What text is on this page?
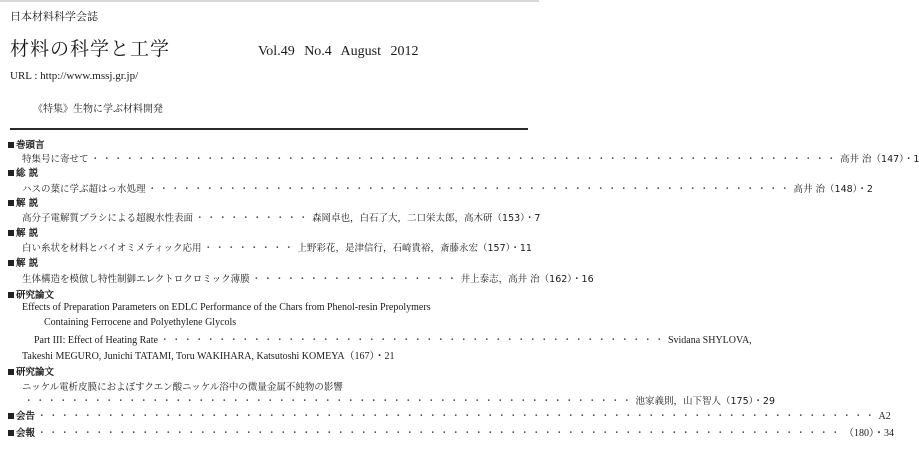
日本材料科学会誌
材料の科学と工学	Vol.49 No.4 August 2012
URL : http://www.mssj.gr.jp/
《特集》生物に学ぶ材料開発
巻頭言
特集号に寄せて ・・・・・・・・・・・・・・・・・・・・・・・・・・・・・・・・・・・・・・・・・・・・・・・・・・・・・・・・・・・・・・・・・ 高井 治（147）・1
総 説
ハスの葉に学ぶ超はっ水処理 ・・・・・・・・・・・・・・・・・・・・・・・・・・・・・・・・・・・・・・・・・・・・・・・・・・・・・・・・ 高井 治（148）・2
解 説
高分子電解質ブラシによる超親水性表面 ・・・・・・・・・・ 森岡卓也，白石了大，二口栄太郎，高木研（153）・7
解 説
白い糸状を材料とバイオミメティック応用 ・・・・・・・・ 上野彩花，是津信行，石崎貴裕，斎藤永宏（157）・11
解 説
生体構造を模倣し特性制御エレクトロクロミック薄膜 ・・・・・・・・・・・・・・・・・・ 井上泰志，高井 治（162）・16
研究論文
Effects of Preparation Parameters on EDLC Performance of the Chars from Phenol-resin Prepolymers
Containing Ferrocene and Polyethylene Glycols
Part III: Effect of Heating Rate ・・・・・・・・・・・・・・・・・・・・・・・・・・・・・・・・・・・・・・・・・・・・ Svidana SHYLOVA,
Takeshi MEGURO, Junichi TATAMI, Toru WAKIHARA, Katsutoshi KOMEYA（167）・21
研究論文
ニッケル電析皮膜におよぼすクエン酸ニッケル浴中の微量金属不純物の影響
・・・・・・・・・・・・・・・・・・・・・・・・・・・・・・・・・・・・・・・・・・・・・・・・・・・・・ 池家義則，山下智人（175）・29
会告 ・・・・・・・・・・・・・・・・・・・・・・・・・・・・・・・・・・・・・・・・・・・・・・・・・・・・・・・・・・・・・・・・・・・・・・・・・ A2
会報 ・・・・・・・・・・・・・・・・・・・・・・・・・・・・・・・・・・・・・・・・・・・・・・・・・・・・・・・・・・・・・・・・・・・・・・ （180）・34
